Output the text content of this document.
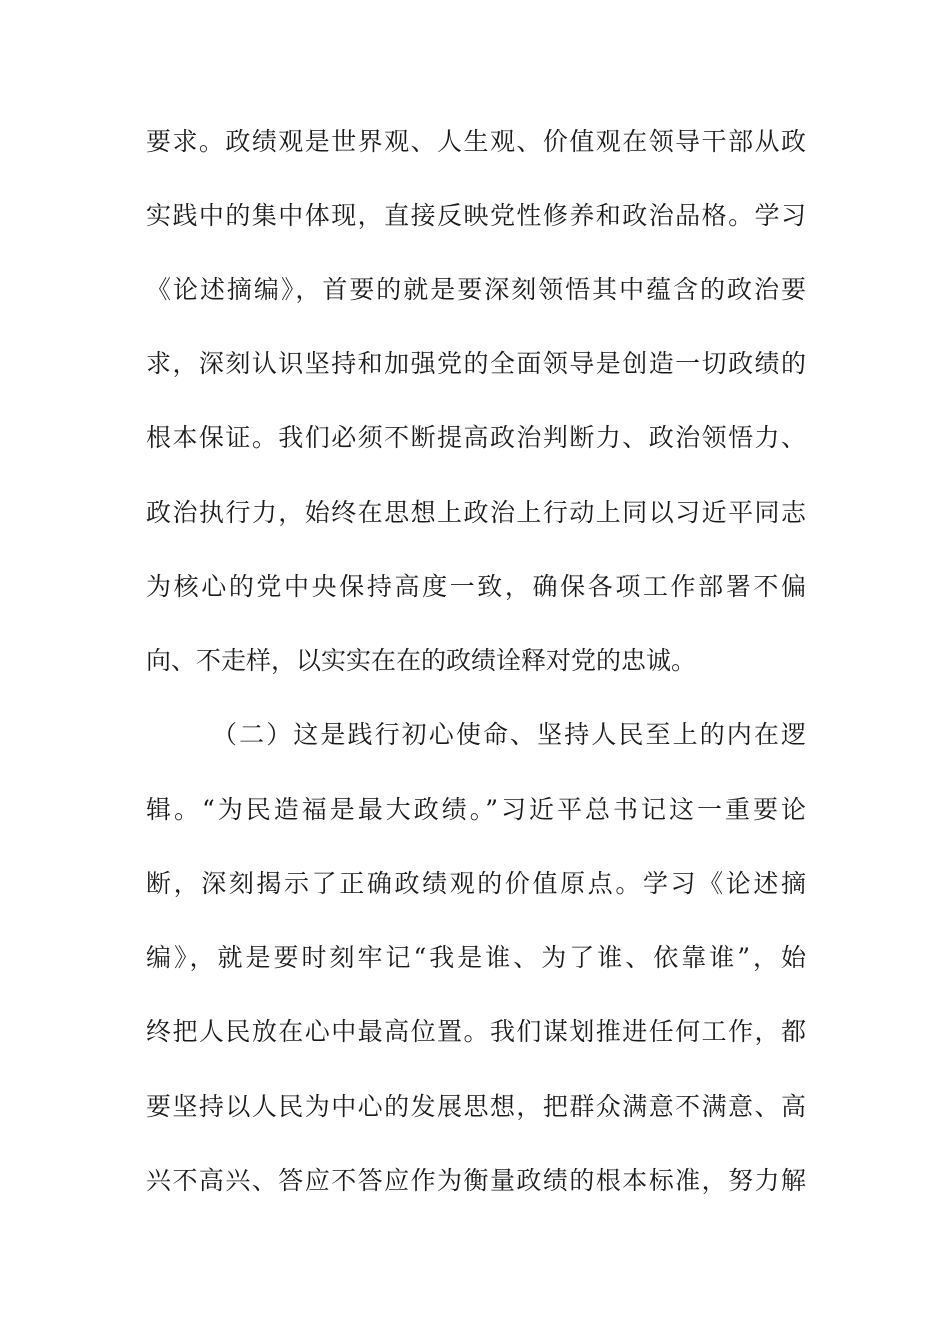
要求。政绩观是世界观、人生观、价值观在领导干部从政
实践中的集中体现，直接反映党性修养和政治品格。学习
《论述摘编》，首要的就是要深刻领悟其中蕴含的政治要
求，深刻认识坚持和加强党的全面领导是创造一切政绩的
根本保证。我们必须不断提高政治判断力、政治领悟力、
政治执行力，始终在思想上政治上行动上同以习近平同志
为核心的党中央保持高度一致，确保各项工作部署不偏
向、不走样，以实实在在的政绩诠释对党的忠诚。
（二）这是践行初心使命、坚持人民至上的内在逻
辑。“为民造福是最大政绩。”习近平总书记这一重要论
断，深刻揭示了正确政绩观的价值原点。学习《论述摘
编》，就是要时刻牢记“我是谁、为了谁、依靠谁”，始
终把人民放在心中最高位置。我们谋划推进任何工作，都
要坚持以人民为中心的发展思想，把群众满意不满意、高
兴不高兴、答应不答应作为衡量政绩的根本标准，努力解
